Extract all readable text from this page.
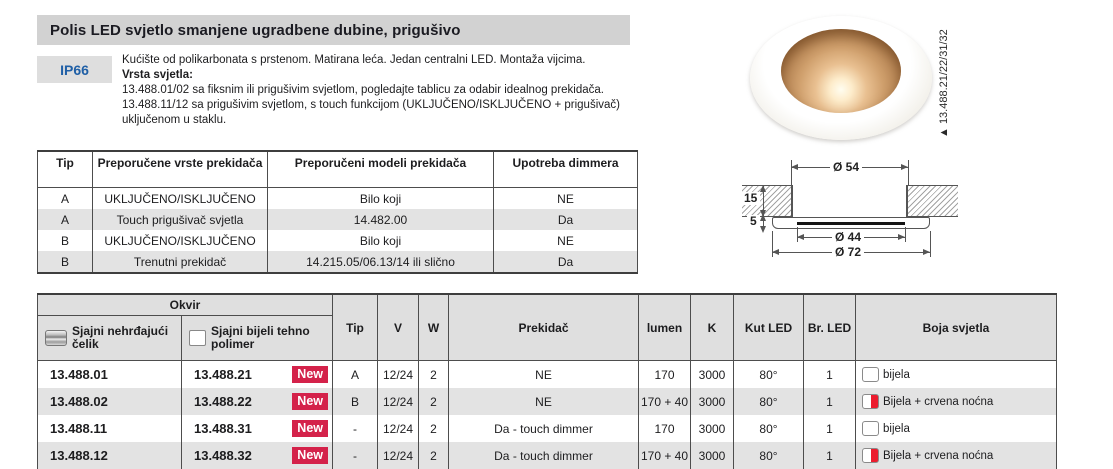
Polis LED svjetlo smanjene ugradbene dubine, prigušivo
IP66
Kućište od polikarbonata s prstenom. Matirana leća. Jedan centralni LED. Montaža vijcima.
Vrsta svjetla:
13.488.01/02 sa fiksnim ili prigušivim svjetlom, pogledajte tablicu za odabir idealnog prekidača.
13.488.11/12 sa prigušivim svjetlom, s touch funkcijom (UKLJUČENO/ISKLJUČENO + prigušivač) uključenom u staklu.	▲ 13.488.21/22/31/32
Ø 54
15
5
Ø 44
Ø 72
Tip	Preporučene vrste prekidača	Preporučeni modeli prekidača	Upotreba dimmera
A	UKLJUČENO/ISKLJUČENO	Bilo koji	NE
A	Touch prigušivač svjetla	14.482.00	Da
B	UKLJUČENO/ISKLJUČENO	Bilo koji	NE
B	Trenutni prekidač	14.215.05/06.13/14 ili slično	Da
Okvir		Tip	V	W	Prekidač	lumen	K	Kut LED	Br. LED	Boja svjetla

Sjajni nehrđajući čelik	Sjajni bijeli tehno polimer									

13.488.01	13.488.21 New	A	12/24	2	NE	170	3000	80°	1	bijela

13.488.02	13.488.22 New	B	12/24	2	NE	170 + 40	3000	80°	1	Bijela + crvena noćna

13.488.11	13.488.31 New	-	12/24	2	Da - touch dimmer	170	3000	80°	1	bijela

13.488.12	13.488.32 New	-	12/24	2	Da - touch dimmer	170 + 40	3000	80°	1	Bijela + crvena noćna
